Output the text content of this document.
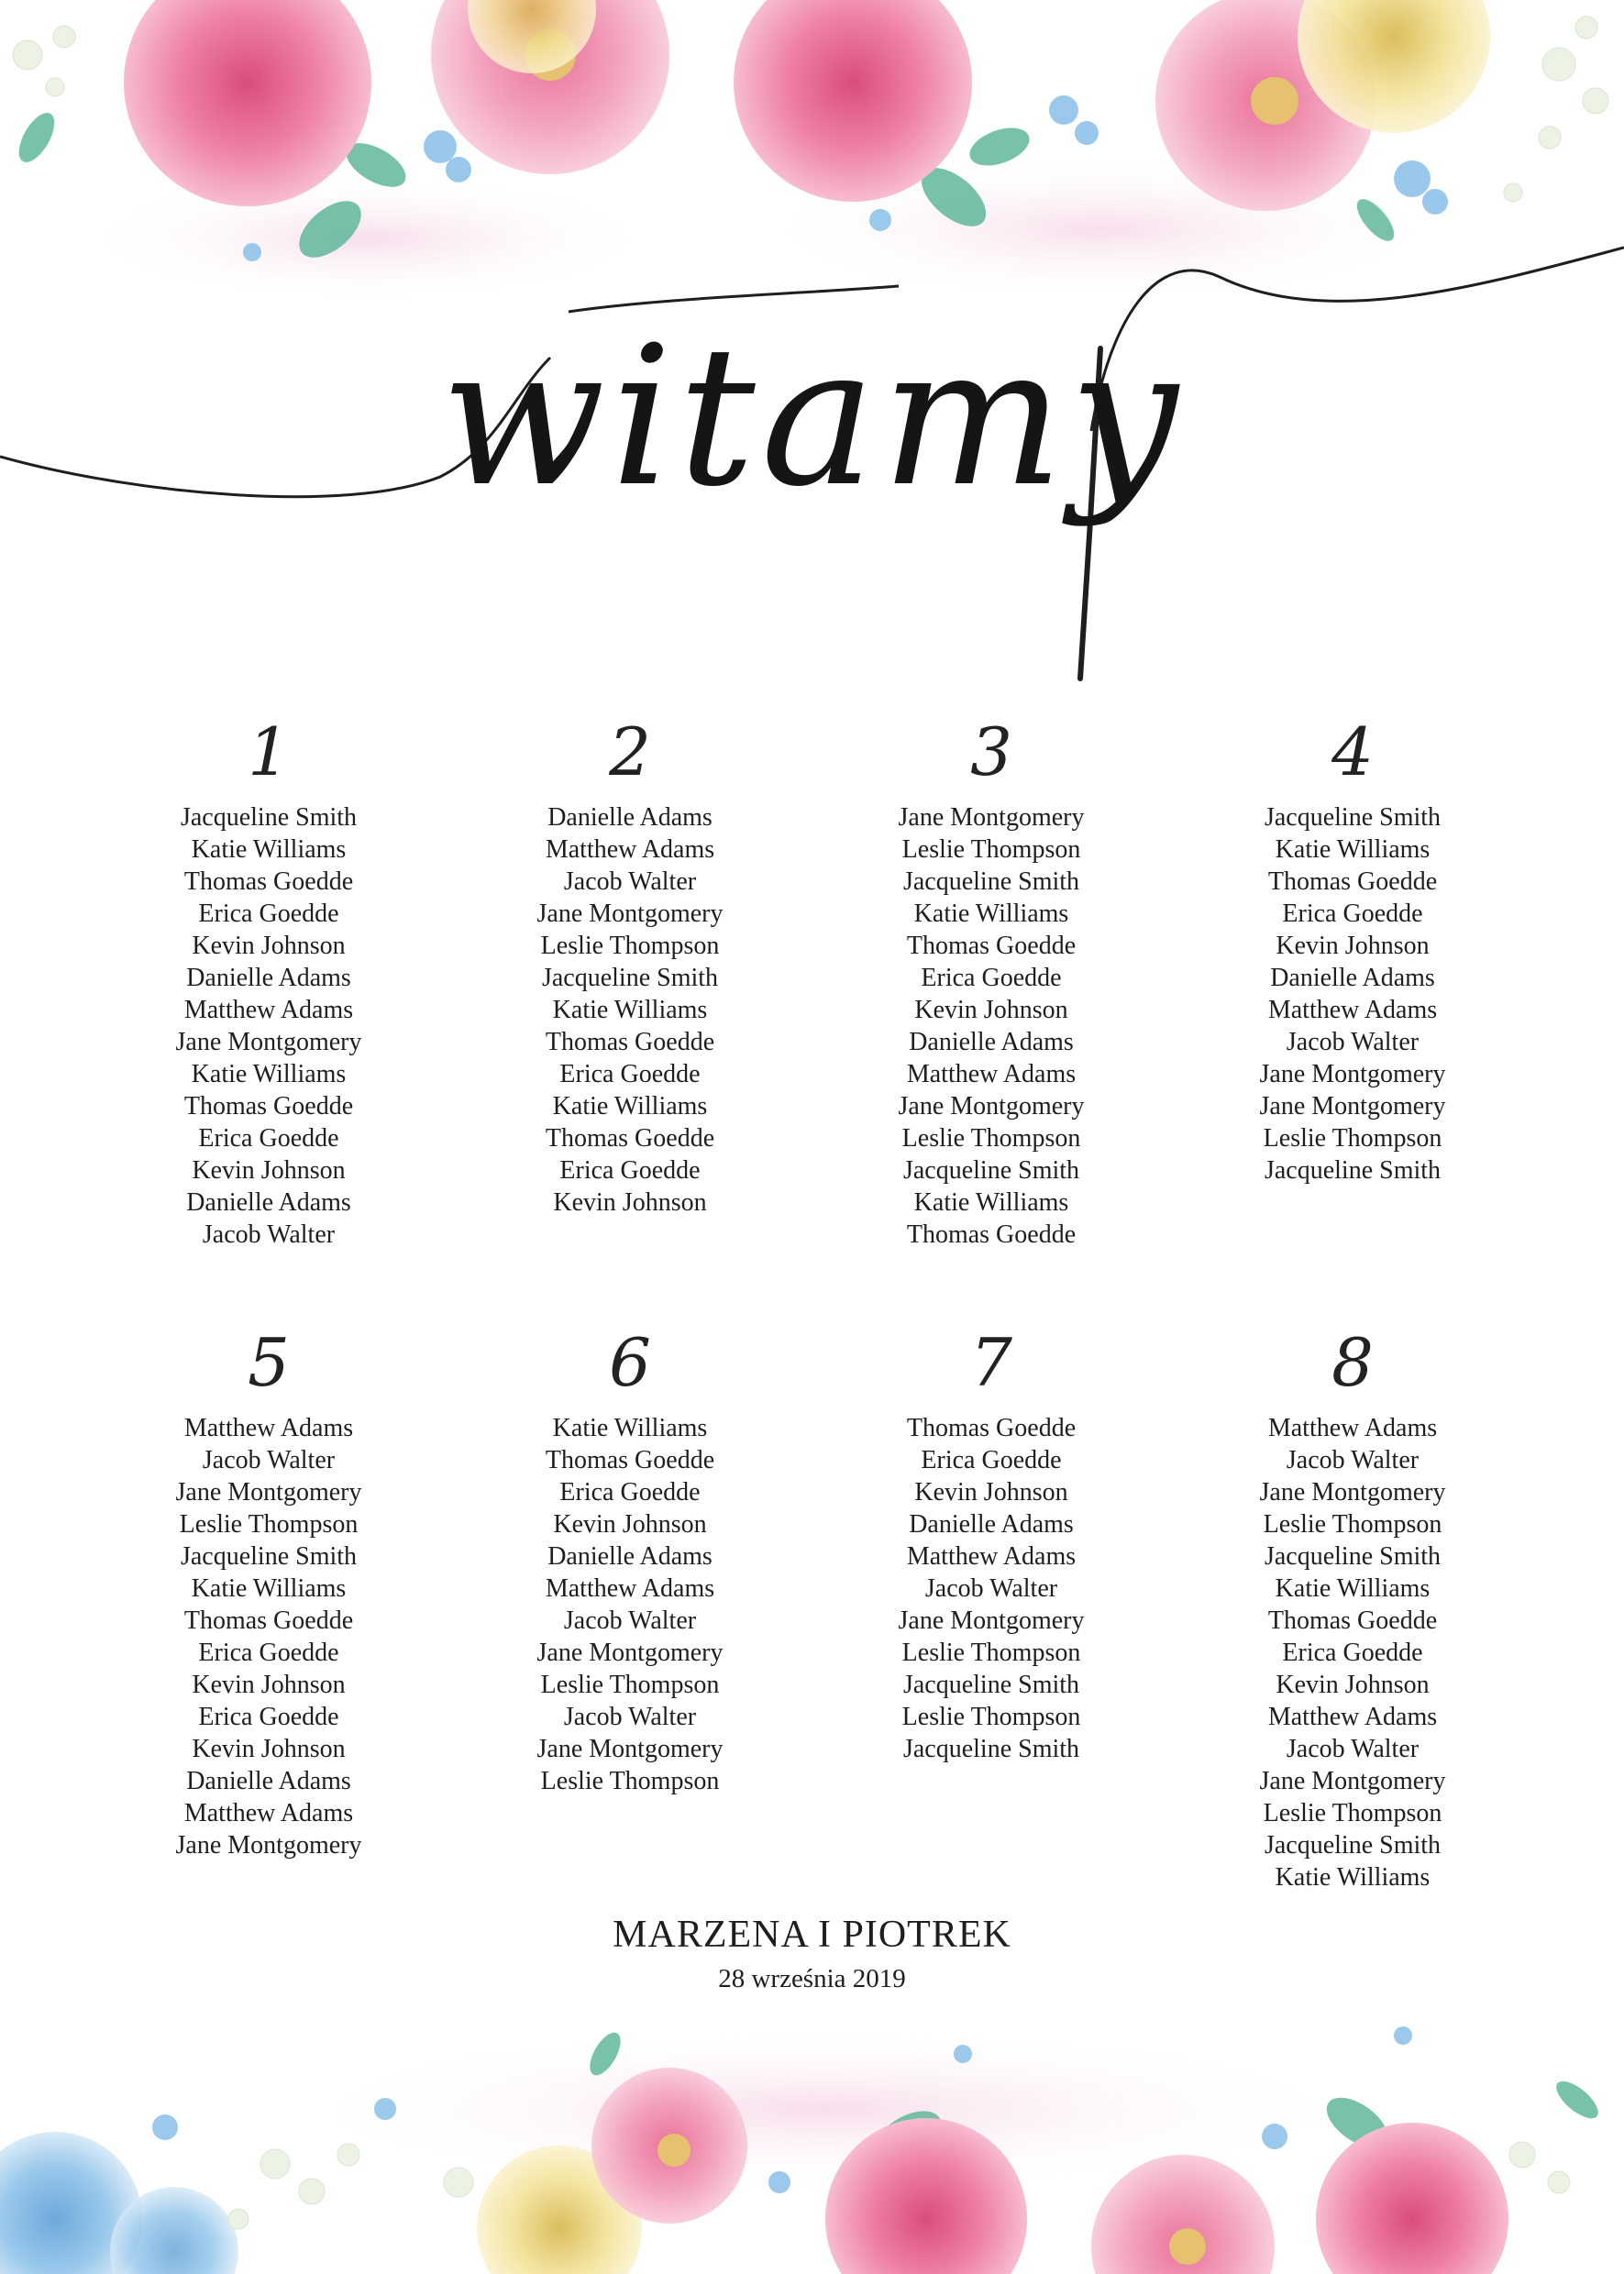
witamy
1
Jacqueline Smith
Katie Williams
Thomas Goedde
Erica Goedde
Kevin Johnson
Danielle Adams
Matthew Adams
Jane Montgomery
Katie Williams
Thomas Goedde
Erica Goedde
Kevin Johnson
Danielle Adams
Jacob Walter
2
Danielle Adams
Matthew Adams
Jacob Walter
Jane Montgomery
Leslie Thompson
Jacqueline Smith
Katie Williams
Thomas Goedde
Erica Goedde
Katie Williams
Thomas Goedde
Erica Goedde
Kevin Johnson
3
Jane Montgomery
Leslie Thompson
Jacqueline Smith
Katie Williams
Thomas Goedde
Erica Goedde
Kevin Johnson
Danielle Adams
Matthew Adams
Jane Montgomery
Leslie Thompson
Jacqueline Smith
Katie Williams
Thomas Goedde
4
Jacqueline Smith
Katie Williams
Thomas Goedde
Erica Goedde
Kevin Johnson
Danielle Adams
Matthew Adams
Jacob Walter
Jane Montgomery
Jane Montgomery
Leslie Thompson
Jacqueline Smith
5
Matthew Adams
Jacob Walter
Jane Montgomery
Leslie Thompson
Jacqueline Smith
Katie Williams
Thomas Goedde
Erica Goedde
Kevin Johnson
Erica Goedde
Kevin Johnson
Danielle Adams
Matthew Adams
Jane Montgomery
6
Katie Williams
Thomas Goedde
Erica Goedde
Kevin Johnson
Danielle Adams
Matthew Adams
Jacob Walter
Jane Montgomery
Leslie Thompson
Jacob Walter
Jane Montgomery
Leslie Thompson
7
Thomas Goedde
Erica Goedde
Kevin Johnson
Danielle Adams
Matthew Adams
Jacob Walter
Jane Montgomery
Leslie Thompson
Jacqueline Smith
Leslie Thompson
Jacqueline Smith
8
Matthew Adams
Jacob Walter
Jane Montgomery
Leslie Thompson
Jacqueline Smith
Katie Williams
Thomas Goedde
Erica Goedde
Kevin Johnson
Matthew Adams
Jacob Walter
Jane Montgomery
Leslie Thompson
Jacqueline Smith
Katie Williams
MARZENA I PIOTREK
28 września 2019
